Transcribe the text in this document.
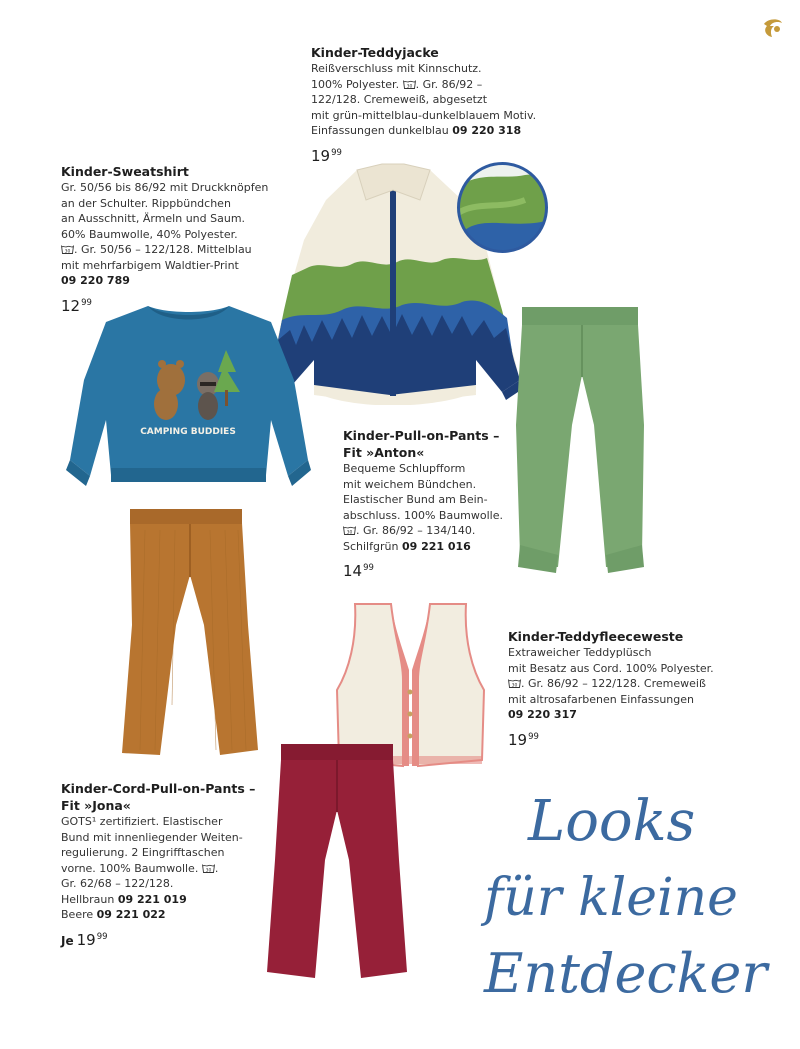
Kinder-Teddyjacke
Reißverschluss mit Kinnschutz.
100% Polyester. 30 . Gr. 86/92 –
122/128. Cremeweiß, abgesetzt
mit grün-mittelblau-dunkelblauem Motiv.
Einfassungen dunkelblau 09 220 318
$19^{99}$
Kinder-Sweatshirt
Gr. 50/56 bis 86/92 mit Druckknöpfen
an der Schulter. Rippbündchen
an Ausschnitt, Ärmeln und Saum.
60% Baumwolle, 40% Polyester.
30 . Gr. 50/56 – 122/128. Mittelblau
mit mehrfarbigem Waldtier-Print
09 220 789
$12^{99}$
Kinder-Pull-on-Pants –
Fit »Anton«
Bequeme Schlupfform
mit weichem Bündchen.
Elastischer Bund am Bein-
abschluss. 100% Baumwolle.
30 . Gr. 86/92 – 134/140.
Schilfgrün 09 221 016
$14^{99}$
Kinder-Teddyfleeceweste
Extraweicher Teddyplüsch
mit Besatz aus Cord. 100% Polyester.
30 . Gr. 86/92 – 122/128. Cremeweiß
mit altrosafarbenen Einfassungen
09 220 317
$19^{99}$
Kinder-Cord-Pull-on-Pants –
Fit »Jona«
GOTS¹ zertifiziert. Elastischer
Bund mit innenliegender Weiten-
regulierung. 2 Eingrifftaschen
vorne. 100% Baumwolle. 30 .
Gr. 62/68 – 122/128.
Hellbraun 09 221 019
Beere 09 221 022
Je $19^{99}$
CAMPING BUDDIES
Looks
für kleine
Entdecker
